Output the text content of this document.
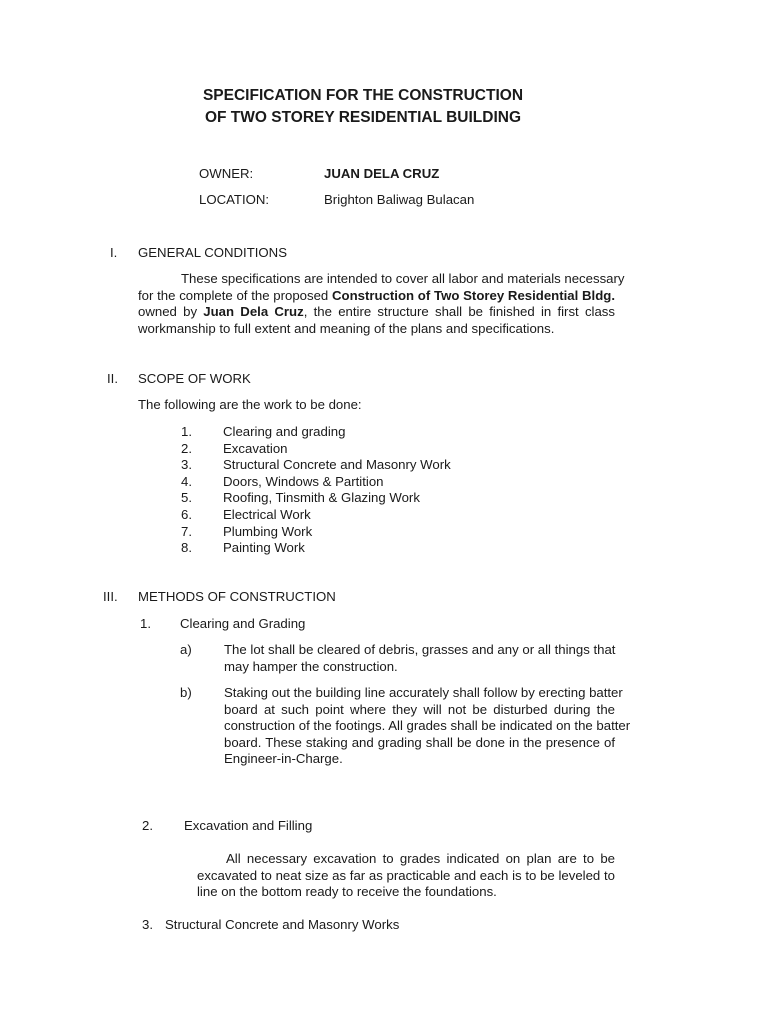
SPECIFICATION FOR THE CONSTRUCTION
OF TWO STOREY RESIDENTIAL BUILDING
OWNER:	JUAN DELA CRUZ
LOCATION:	Brighton Baliwag Bulacan
I. GENERAL CONDITIONS
These specifications are intended to cover all labor and materials necessary
for the complete of the proposed Construction of Two Storey Residential Bldg.
owned by Juan Dela Cruz, the entire structure shall be finished in first class
workmanship to full extent and meaning of the plans and specifications.
II. SCOPE OF WORK
The following are the work to be done:
1. Clearing and grading
2. Excavation
3. Structural Concrete and Masonry Work
4. Doors, Windows & Partition
5. Roofing, Tinsmith & Glazing Work
6. Electrical Work
7. Plumbing Work
8. Painting Work
III. METHODS OF CONSTRUCTION
1. Clearing and Grading
a) The lot shall be cleared of debris, grasses and any or all things that
may hamper the construction.
b) Staking out the building line accurately shall follow by erecting batter
board at such point where they will not be disturbed during the
construction of the footings. All grades shall be indicated on the batter
board. These staking and grading shall be done in the presence of
Engineer-in-Charge.
2. Excavation and Filling
All necessary excavation to grades indicated on plan are to be
excavated to neat size as far as practicable and each is to be leveled to
line on the bottom ready to receive the foundations.
3. Structural Concrete and Masonry Works
